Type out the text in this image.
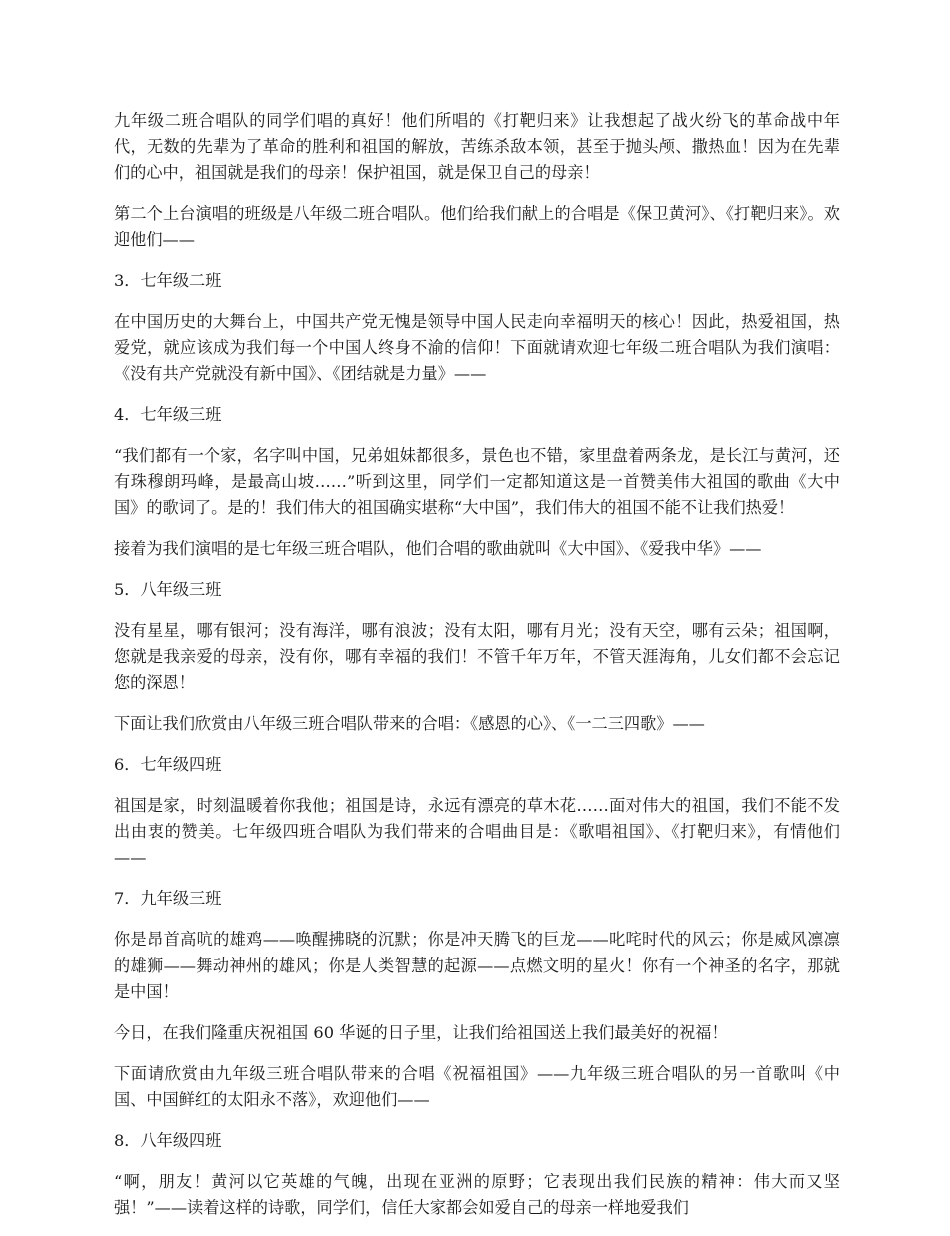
九年级二班合唱队的同学们唱的真好！他们所唱的《打靶归来》让我想起了战火纷飞的革命战中年代，无数的先辈为了革命的胜利和祖国的解放，苦练杀敌本领，甚至于抛头颅、撒热血！因为在先辈们的心中，祖国就是我们的母亲！保护祖国，就是保卫自己的母亲！

第二个上台演唱的班级是八年级二班合唱队。他们给我们献上的合唱是《保卫黄河》、《打靶归来》。欢迎他们——

3．七年级二班

在中国历史的大舞台上，中国共产党无愧是领导中国人民走向幸福明天的核心！因此，热爱祖国，热爱党，就应该成为我们每一个中国人终身不渝的信仰！下面就请欢迎七年级二班合唱队为我们演唱：《没有共产党就没有新中国》、《团结就是力量》——

4．七年级三班

“我们都有一个家，名字叫中国，兄弟姐妹都很多，景色也不错，家里盘着两条龙，是长江与黄河，还有珠穆朗玛峰，是最高山坡……”听到这里，同学们一定都知道这是一首赞美伟大祖国的歌曲《大中国》的歌词了。是的！我们伟大的祖国确实堪称“大中国”，我们伟大的祖国不能不让我们热爱！

接着为我们演唱的是七年级三班合唱队，他们合唱的歌曲就叫《大中国》、《爱我中华》——

5．八年级三班

没有星星，哪有银河；没有海洋，哪有浪波；没有太阳，哪有月光；没有天空，哪有云朵；祖国啊，您就是我亲爱的母亲，没有你，哪有幸福的我们！不管千年万年，不管天涯海角，儿女们都不会忘记您的深恩！

下面让我们欣赏由八年级三班合唱队带来的合唱：《感恩的心》、《一二三四歌》——

6．七年级四班

祖国是家，时刻温暖着你我他；祖国是诗，永远有漂亮的草木花……面对伟大的祖国，我们不能不发出由衷的赞美。七年级四班合唱队为我们带来的合唱曲目是：《歌唱祖国》、《打靶归来》，有情他们——

7．九年级三班

你是昂首高吭的雄鸡——唤醒拂晓的沉默；你是冲天腾飞的巨龙——叱咤时代的风云；你是威风凛凛的雄狮——舞动神州的雄风；你是人类智慧的起源——点燃文明的星火！你有一个神圣的名字，那就是中国！

今日，在我们隆重庆祝祖国 60 华诞的日子里，让我们给祖国送上我们最美好的祝福！

下面请欣赏由九年级三班合唱队带来的合唱《祝福祖国》——九年级三班合唱队的另一首歌叫《中国、中国鲜红的太阳永不落》，欢迎他们——

8．八年级四班

“啊，朋友！黄河以它英雄的气魄，出现在亚洲的原野；它表现出我们民族的精神：伟大而又坚强！”——读着这样的诗歌，同学们，信任大家都会如爱自己的母亲一样地爱我们
